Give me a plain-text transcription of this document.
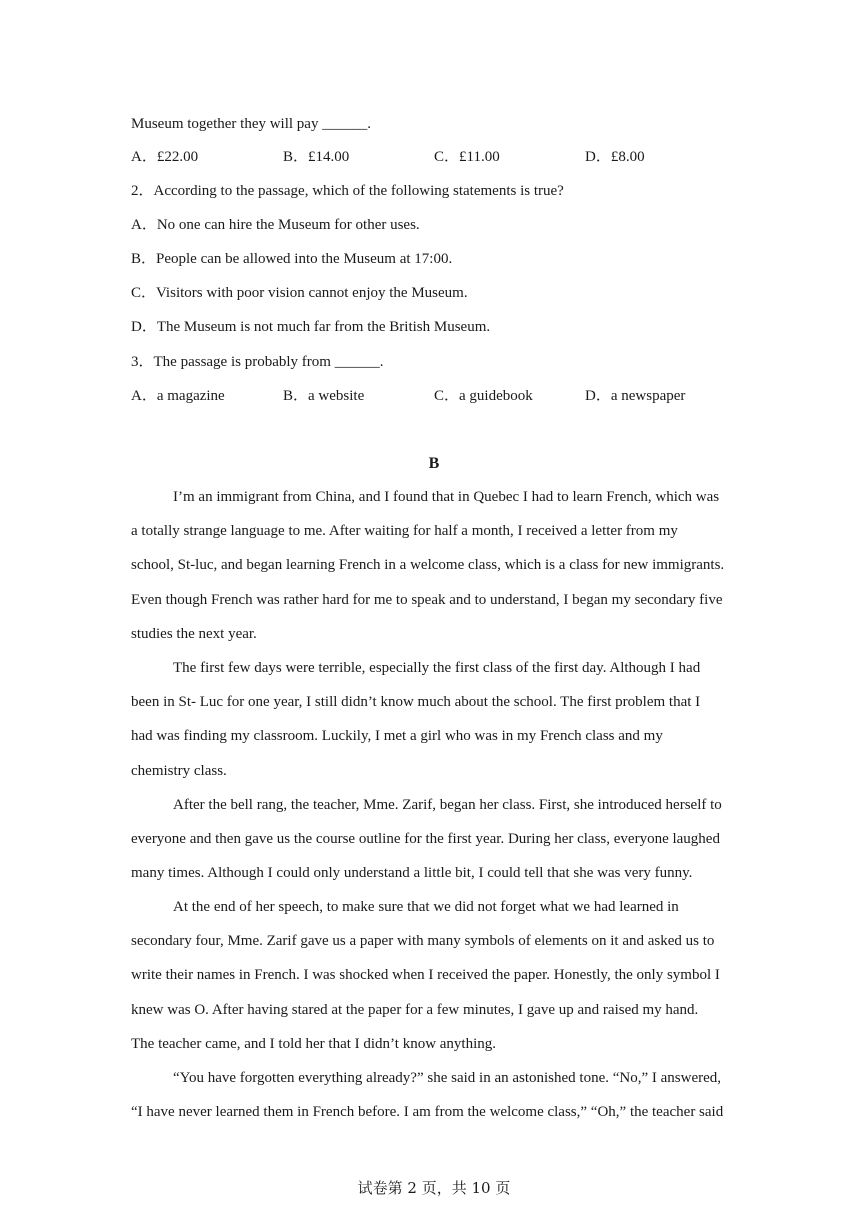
Museum together they will pay ______.
A．£22.00	B．£14.00	C．£11.00	D．£8.00
2．According to the passage, which of the following statements is true?
A．No one can hire the Museum for other uses.
B．People can be allowed into the Museum at 17:00.
C．Visitors with poor vision cannot enjoy the Museum.
D．The Museum is not much far from the British Museum.
3．The passage is probably from ______.
A．a magazine	B．a website	C．a guidebook	D．a newspaper
B
I’m an immigrant from China, and I found that in Quebec I had to learn French, which was
a totally strange language to me. After waiting for half a month, I received a letter from my
school, St-luc, and began learning French in a welcome class, which is a class for new immigrants.
Even though French was rather hard for me to speak and to understand, I began my secondary five
studies the next year.
The first few days were terrible, especially the first class of the first day. Although I had
been in St- Luc for one year, I still didn’t know much about the school. The first problem that I
had was finding my classroom. Luckily, I met a girl who was in my French class and my
chemistry class.
After the bell rang, the teacher, Mme. Zarif, began her class. First, she introduced herself to
everyone and then gave us the course outline for the first year. During her class, everyone laughed
many times. Although I could only understand a little bit, I could tell that she was very funny.
At the end of her speech, to make sure that we did not forget what we had learned in
secondary four, Mme. Zarif gave us a paper with many symbols of elements on it and asked us to
write their names in French. I was shocked when I received the paper. Honestly, the only symbol I
knew was O. After having stared at the paper for a few minutes, I gave up and raised my hand.
The teacher came, and I told her that I didn’t know anything.
“You have forgotten everything already?” she said in an astonished tone. “No,” I answered,
“I have never learned them in French before. I am from the welcome class,” “Oh,” the teacher said
试卷第 2 页，共 10 页
